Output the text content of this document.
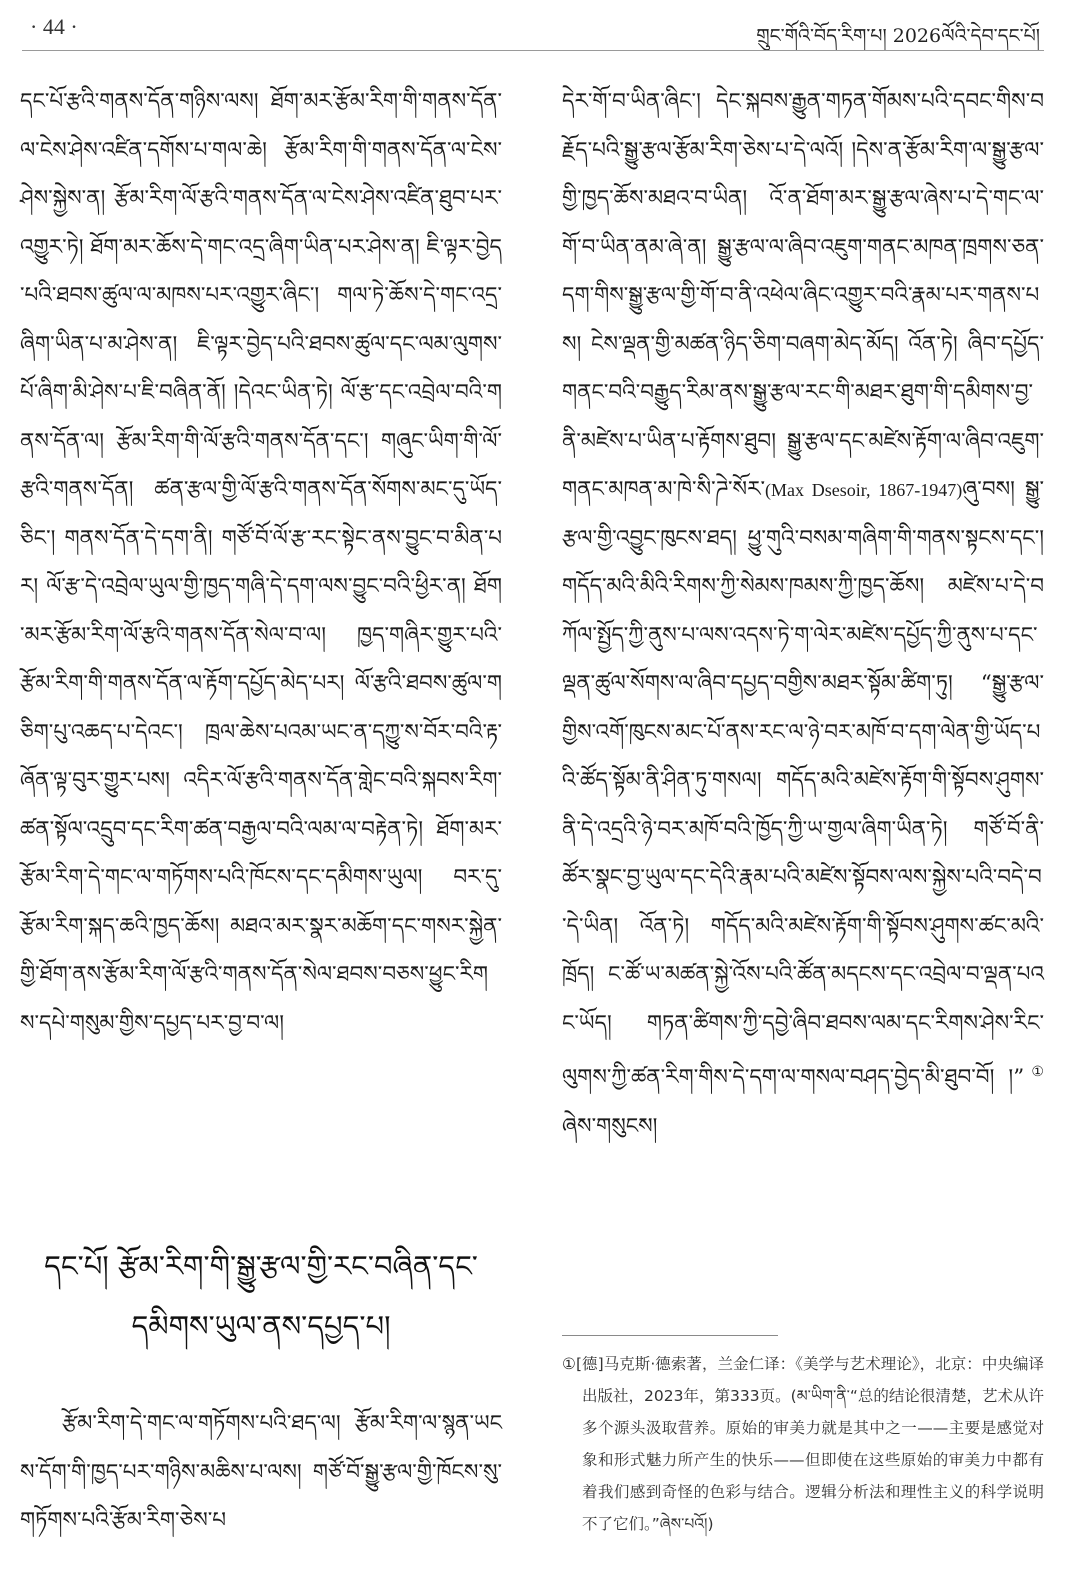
· 44 ·	གྲུང་གོའི་བོད་རིག་པ། 2026ལོའི་དེབ་དང་པོ།

དང་པོ་རྩའི་གནས་དོན་གཉིས་ལས། ཐོག་མར་རྩོམ་རིག་གི་གནས་དོན་ལ་ངེས་ཤེས་འཛིན་དགོས་པ་གལ་ཆེ། རྩོམ་རིག་གི་གནས་དོན་ལ་ངེས་ཤེས་སྐྱེས་ན། རྩོམ་རིག་ལོ་རྩའི་གནས་དོན་ལ་ངེས་ཤེས་འཛིན་ཐུབ་པར་འགྱུར་ཏེ། ཐོག་མར་ཆོས་དེ་གང་འདྲ་ཞིག་ཡིན་པར་ཤེས་ན། ཇི་ལྟར་བྱེད་པའི་ཐབས་ཚུལ་ལ་མཁས་པར་འགྱུར་ཞིང་། གལ་ཏེ་ཆོས་དེ་གང་འདྲ་ཞིག་ཡིན་པ་མ་ཤེས་ན། ཇི་ལྟར་བྱེད་པའི་ཐབས་ཚུལ་དང་ལམ་ལུགས་པོ་ཞིག་མི་ཤེས་པ་ཇི་བཞིན་ནོ། །དེའང་ཡིན་ཏེ། ལོ་རྩ་དང་འབྲེལ་བའི་གནས་དོན་ལ། རྩོམ་རིག་གི་ལོ་རྩའི་གནས་དོན་དང་། གཞུང་ཡིག་གི་ལོ་རྩའི་གནས་དོན། ཚན་རྩལ་གྱི་ལོ་རྩའི་གནས་དོན་སོགས་མང་དུ་ཡོད་ཅིང་། གནས་དོན་དེ་དག་ནི། གཙོ་བོ་ལོ་རྩ་རང་སྟེང་ནས་བྱུང་བ་མིན་པར། ལོ་རྩ་དེ་འབྲེལ་ཡུལ་གྱི་ཁྱད་གཞི་དེ་དག་ལས་བྱུང་བའི་ཕྱིར་ན། ཐོག་མར་རྩོམ་རིག་ལོ་རྩའི་གནས་དོན་སེལ་བ་ལ། ཁྱད་གཞིར་གྱུར་པའི་རྩོམ་རིག་གི་གནས་དོན་ལ་རྟོག་དཔྱོད་མེད་པར། ལོ་རྩའི་ཐབས་ཚུལ་གཅིག་པུ་འཆད་པ་དེའང་། ཁྲལ་ཆེས་པའམ་ཡང་ན་དཀྱུ་ས་བོར་བའི་རྟ་ཞོན་ལྟ་བུར་གྱུར་པས། འདིར་ལོ་རྩའི་གནས་དོན་གླེང་བའི་སྐབས་རིག་ཚན་སྟོལ་འདྲུབ་དང་རིག་ཚན་བརྒྱལ་བའི་ལམ་ལ་བརྟེན་ཏེ། ཐོག་མར་རྩོམ་རིག་དེ་གང་ལ་གཏོགས་པའི་ཁོངས་དང་དམིགས་ཡུལ། བར་དུ་རྩོམ་རིག་སྐད་ཆའི་ཁྱད་ཆོས། མཐའ་མར་སྣར་མཆོག་དང་གསར་སྐྱེན་གྱི་ཐོག་ནས་རྩོམ་རིག་ལོ་རྩའི་གནས་དོན་སེལ་ཐབས་བཅས་ཕྱུང་རིགས་དཔེ་གསུམ་གྱིས་དཔྱད་པར་བྱ་བ་ལ།

དང་པོ། རྩོམ་རིག་གི་སྒྱུ་རྩལ་གྱི་རང་བཞིན་དང་དམིགས་ཡུལ་ནས་དཔྱད་པ།

རྩོམ་རིག་དེ་གང་ལ་གཏོགས་པའི་ཐད་ལ། རྩོམ་རིག་ལ་སྙན་ཡངས་དོག་གི་ཁྱད་པར་གཉིས་མཆིས་པ་ལས། གཙོ་བོ་སྒྱུ་རྩལ་གྱི་ཁོངས་སུ་གཏོགས་པའི་རྩོམ་རིག་ཅེས་པ

དེར་གོ་བ་ཡིན་ཞིང་། དེང་སྐབས་རྒྱུན་གཏན་གོམས་པའི་དབང་གིས་བརྗོད་པའི་སྒྱུ་རྩལ་རྩོམ་རིག་ཅེས་པ་དེ་ལའོ། །དེས་ན་རྩོམ་རིག་ལ་སྒྱུ་རྩལ་གྱི་ཁྱད་ཆོས་མཐའ་བ་ཡིན། འོ་ན་ཐོག་མར་སྒྱུ་རྩལ་ཞེས་པ་དེ་གང་ལ་གོ་བ་ཡིན་ནམ་ཞེ་ན། སྒྱུ་རྩལ་ལ་ཞིབ་འཇུག་གནང་མཁན་ཁྲགས་ཅན་དག་གིས་སྒྱུ་རྩལ་གྱི་གོ་བ་ནི་འཕེལ་ཞིང་འགྱུར་བའི་རྣམ་པར་གནས་པས། ངེས་ལྡན་གྱི་མཚན་ཉིད་ཅིག་བཞག་མེད་མོད། འོན་ཏེ། ཞིབ་དཔྱོད་གནང་བའི་བརྒྱུད་རིམ་ནས་སྒྱུ་རྩལ་རང་གི་མཐར་ཐུག་གི་དམིགས་བྱ་ནི་མཛེས་པ་ཡིན་པ་རྟོགས་ཐུབ། སྒྱུ་རྩལ་དང་མཛེས་རྟོག་ལ་ཞིབ་འཇུག་གནང་མཁན་མ་ཁེ་སི་ཌེ་སོར་(Max Dsesoir, 1867-1947)ཞུ་བས། སྒྱུ་རྩལ་གྱི་འབྱུང་ཁུངས་ཐད། ཕྱུ་གུའི་བསམ་གཞིག་གི་གནས་སྟངས་དང་། གདོད་མའི་མིའི་རིགས་ཀྱི་སེམས་ཁམས་ཀྱི་ཁྱད་ཆོས། མཛེས་པ་དེ་བཀོལ་སྤྱོད་ཀྱི་ནུས་པ་ལས་འདས་ཏེ་ག་ལེར་མཛེས་དཔྱོད་ཀྱི་ནུས་པ་དང་ལྡན་ཚུལ་སོགས་ལ་ཞིབ་དཔྱད་བགྱིས་མཐར་སྟོམ་ཚིག་ཏུ། “སྒྱུ་རྩལ་གྱིས་འགོ་ཁུངས་མང་པོ་ནས་རང་ལ་ཉེ་བར་མཁོ་བ་དག་ལེན་གྱི་ཡོད་པའི་ཚོད་སྟོམ་ནི་ཤིན་ཏུ་གསལ། གདོད་མའི་མཛེས་རྟོག་གི་སྟོབས་ཤུགས་ནི་དེ་འདྲའི་ཉེ་བར་མཁོ་བའི་ཁྱོད་ཀྱི་ཡ་གྱལ་ཞིག་ཡིན་ཏེ། གཙོ་བོ་ནི་ཚོར་སྣང་བྱ་ཡུལ་དང་དེའི་རྣམ་པའི་མཛེས་སྟོབས་ལས་སྐྱེས་པའི་བདེ་བ་དེ་ཡིན། འོན་ཏེ། གདོད་མའི་མཛེས་རྟོག་གི་སྟོབས་ཤུགས་ཚང་མའི་ཁྲོད། ང་ཚོ་ཡ་མཚན་སྐྱེ་འོས་པའི་ཚོན་མདངས་དང་འབྲེལ་བ་ལྡན་པའང་ཡོད། གཏན་ཚིགས་ཀྱི་དབྱེ་ཞིབ་ཐབས་ལམ་དང་རིགས་ཤེས་རིང་ལུགས་ཀྱི་ཚན་རིག་གིས་དེ་དག་ལ་གསལ་བཤད་བྱེད་མི་ཐུབ་བོ། །”①ཞེས་གསུངས།

①[德]马克斯·德索著，兰金仁译：《美学与艺术理论》，北京：中央编译出版社，2023年，第333页。(མ་ཡིག་ནི་“总的结论很清楚，艺术从许多个源头汲取营养。原始的审美力就是其中之一——主要是感觉对象和形式魅力所产生的快乐——但即使在这些原始的审美力中都有着我们感到奇怪的色彩与结合。逻辑分析法和理性主义的科学说明不了它们。”ཞེས་པའོ།)
